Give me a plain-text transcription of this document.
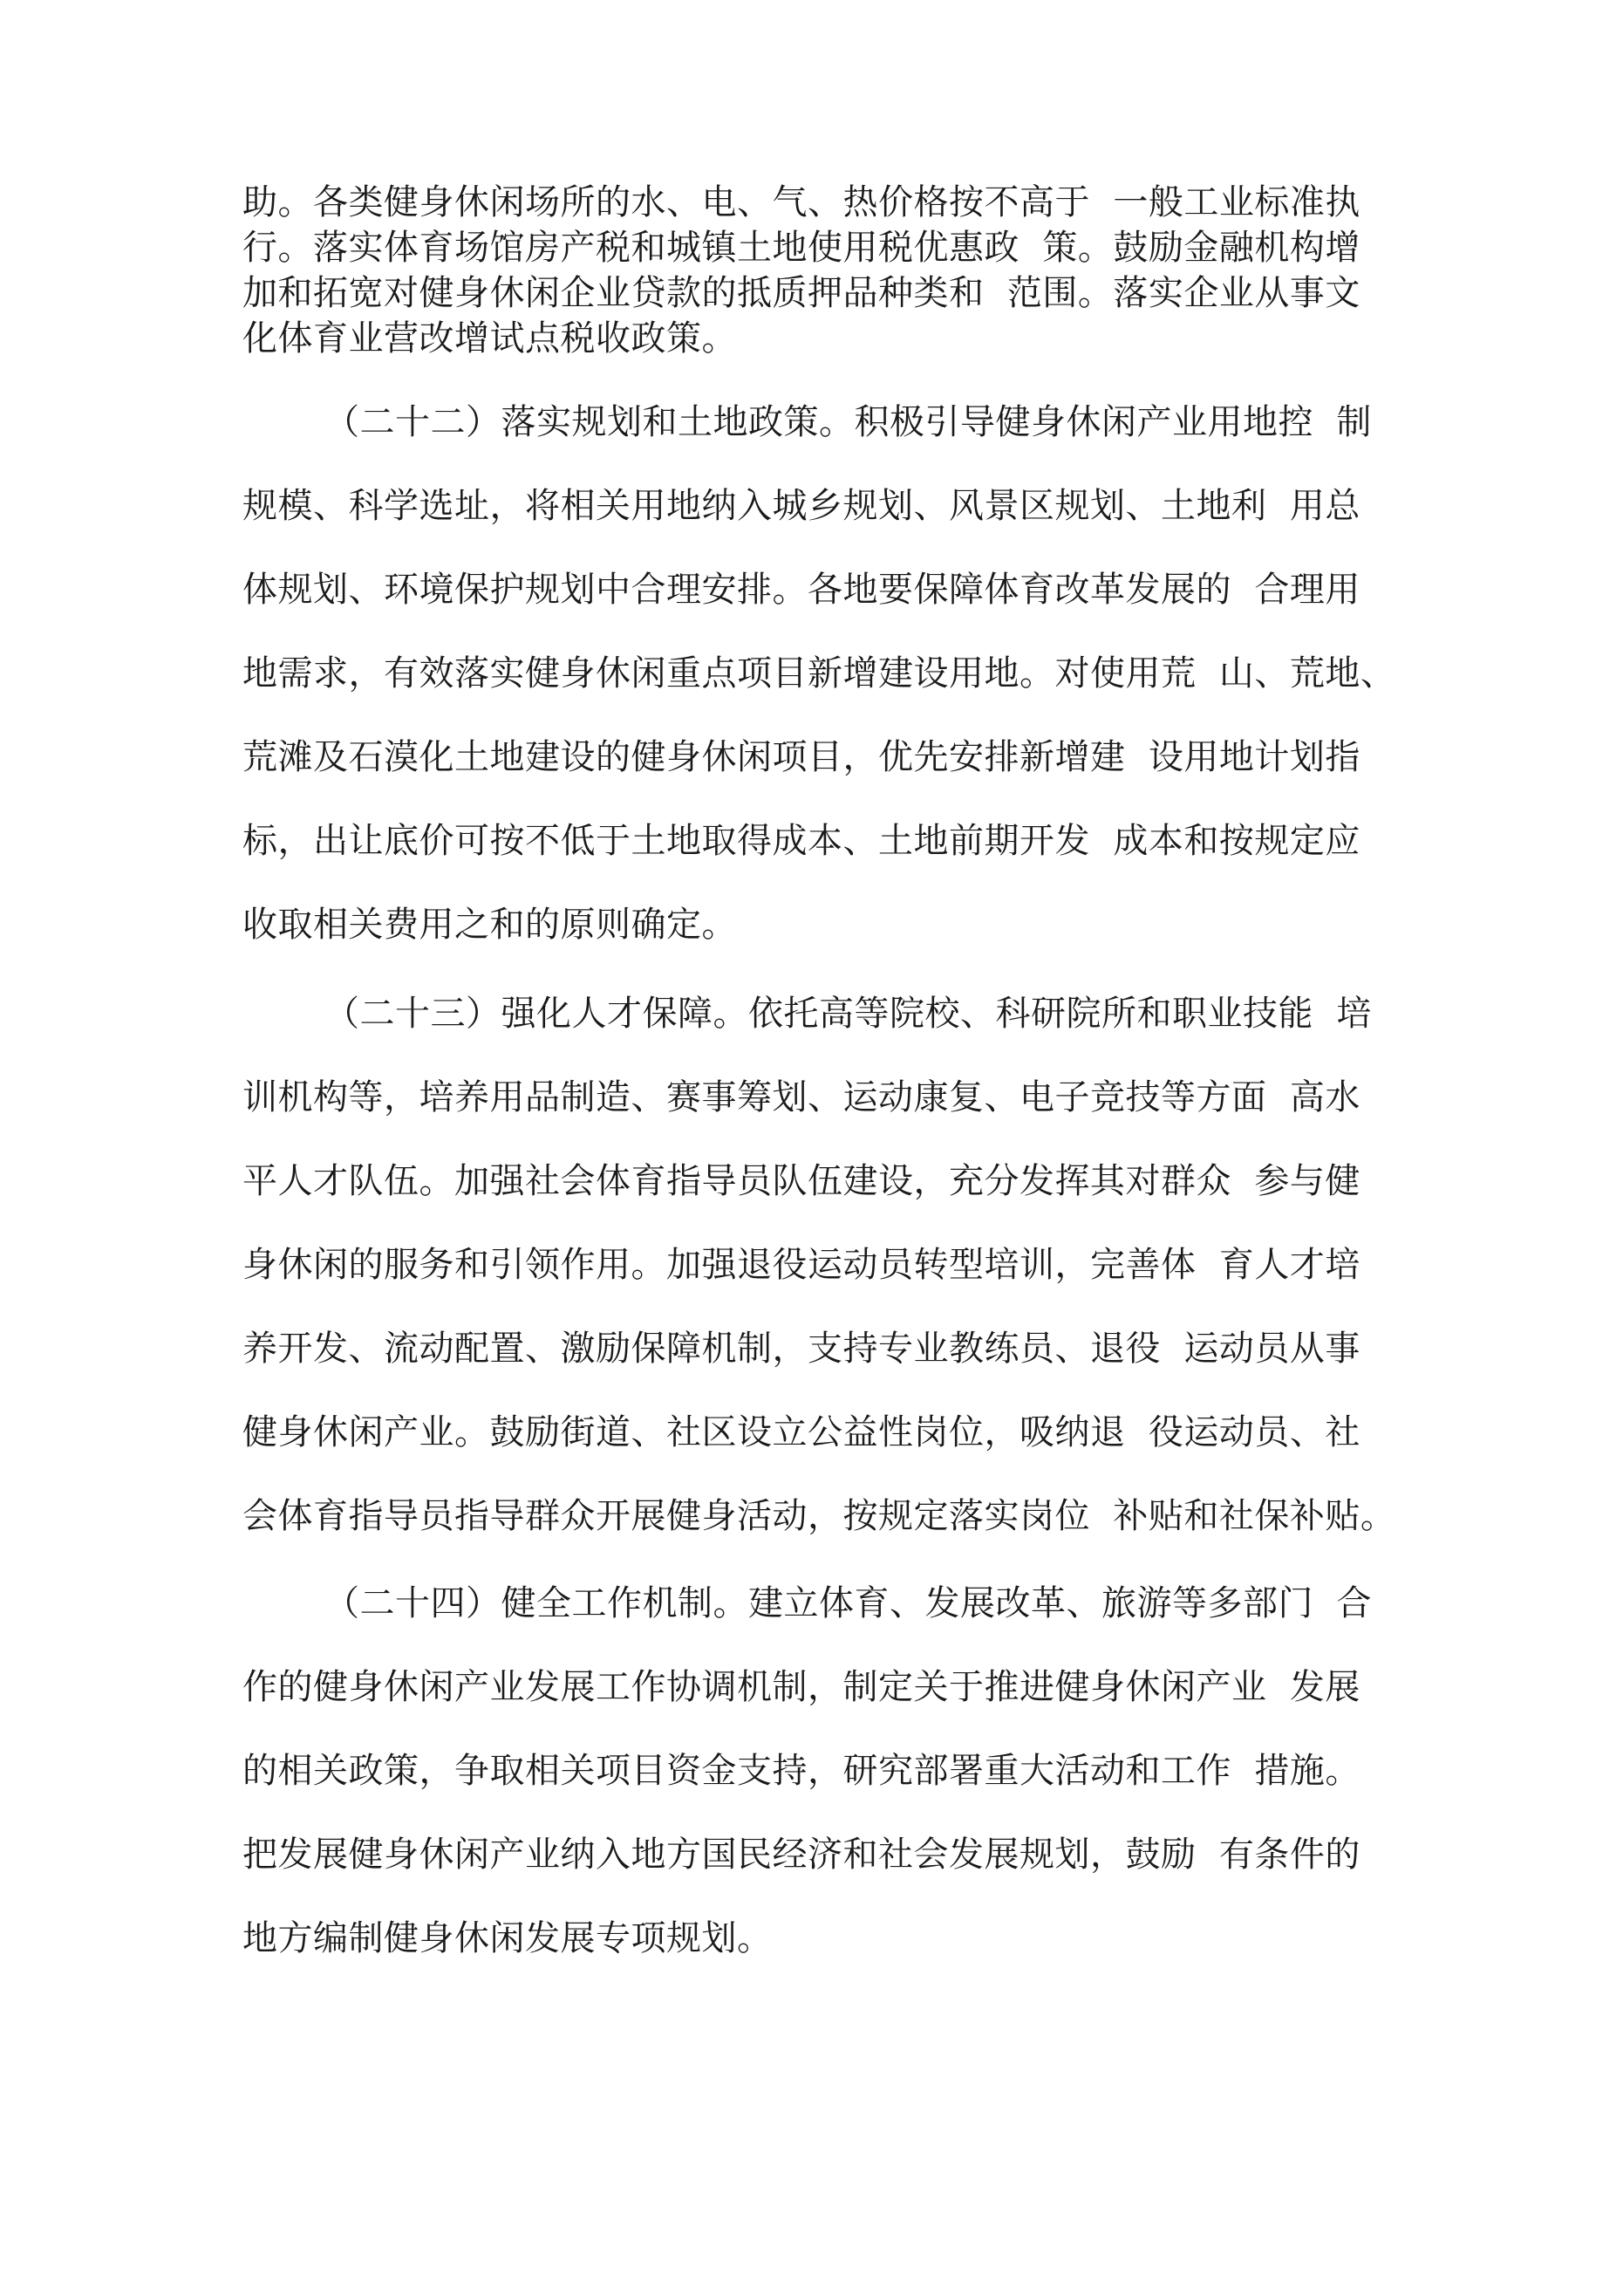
助。各类健身休闲场所的水、电、气、热价格按不高于  一般工业标准执
行。落实体育场馆房产税和城镇土地使用税优惠政  策。鼓励金融机构增
加和拓宽对健身休闲企业贷款的抵质押品种类和  范围。落实企业从事文
化体育业营改增试点税收政策。
（二十二）落实规划和土地政策。积极引导健身休闲产业用地控  制
规模、科学选址，将相关用地纳入城乡规划、风景区规划、土地利  用总
体规划、环境保护规划中合理安排。各地要保障体育改革发展的  合理用
地需求，有效落实健身休闲重点项目新增建设用地。对使用荒  山、荒地、
荒滩及石漠化土地建设的健身休闲项目，优先安排新增建  设用地计划指
标，出让底价可按不低于土地取得成本、土地前期开发  成本和按规定应
收取相关费用之和的原则确定。
（二十三）强化人才保障。依托高等院校、科研院所和职业技能  培
训机构等，培养用品制造、赛事筹划、运动康复、电子竞技等方面  高水
平人才队伍。加强社会体育指导员队伍建设，充分发挥其对群众  参与健
身休闲的服务和引领作用。加强退役运动员转型培训，完善体  育人才培
养开发、流动配置、激励保障机制，支持专业教练员、退役  运动员从事
健身休闲产业。鼓励街道、社区设立公益性岗位，吸纳退  役运动员、社
会体育指导员指导群众开展健身活动，按规定落实岗位  补贴和社保补贴。
（二十四）健全工作机制。建立体育、发展改革、旅游等多部门  合
作的健身休闲产业发展工作协调机制，制定关于推进健身休闲产业  发展
的相关政策，争取相关项目资金支持，研究部署重大活动和工作  措施。
把发展健身休闲产业纳入地方国民经济和社会发展规划，鼓励  有条件的
地方编制健身休闲发展专项规划。
